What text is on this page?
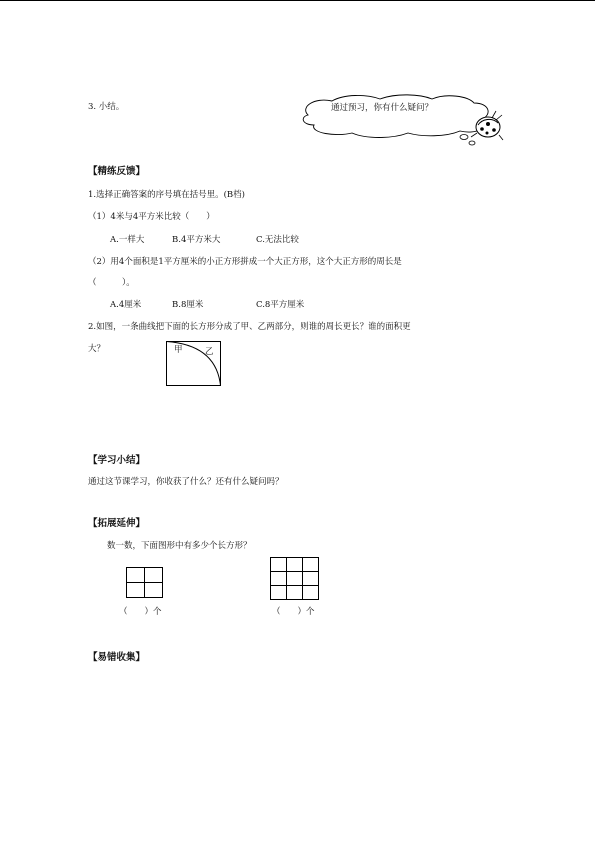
3. 小结。	通过预习，你有什么疑问？
【精练反馈】
1.选择正确答案的序号填在括号里。(B档)
（1）4米与4平方米比较（　　）
A.一样大	B.4平方米大	C.无法比较
（2）用4个面积是1平方厘米的小正方形拼成一个大正方形，这个大正方形的周长是
（　　　）。
A.4厘米	B.8厘米	C.8平方厘米
2.如图，一条曲线把下面的长方形分成了甲、乙两部分，则谁的周长更长？谁的面积更
大？	甲	乙
【学习小结】
通过这节课学习，你收获了什么？还有什么疑问吗？
【拓展延伸】
数一数，下面图形中有多少个长方形？
（　　）个	（　　）个
【易错收集】
